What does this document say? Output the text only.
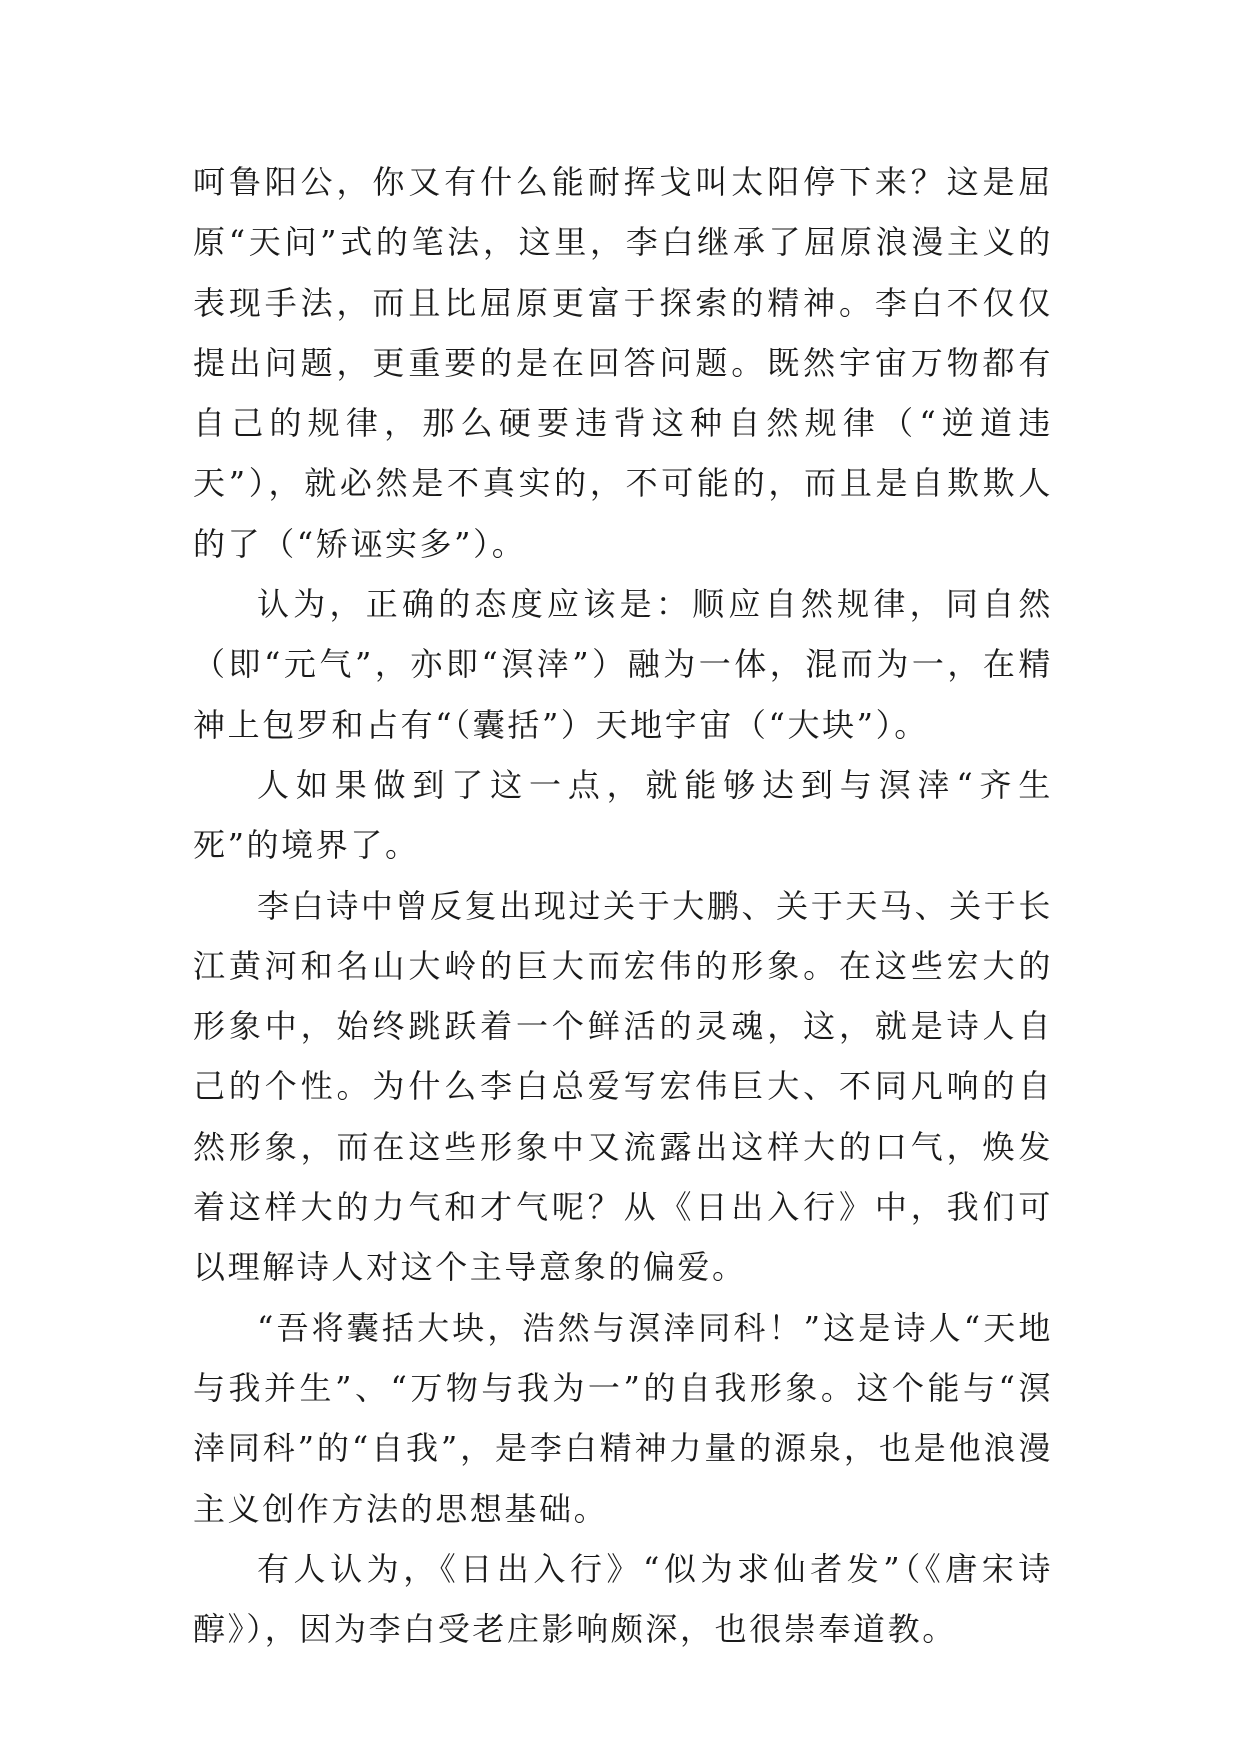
呵鲁阳公，你又有什么能耐挥戈叫太阳停下来？这是屈原“天问”式的笔法，这里，李白继承了屈原浪漫主义的表现手法，而且比屈原更富于探索的精神。李白不仅仅提出问题，更重要的是在回答问题。既然宇宙万物都有自己的规律，那么硬要违背这种自然规律（“逆道违天”），就必然是不真实的，不可能的，而且是自欺欺人的了（“矫诬实多”）。

认为，正确的态度应该是：顺应自然规律，同自然（即“元气”，亦即“溟涬”）融为一体，混而为一，在精神上包罗和占有“（囊括”）天地宇宙（“大块”）。

人如果做到了这一点，就能够达到与溟涬“齐生死”的境界了。

李白诗中曾反复出现过关于大鹏、关于天马、关于长江黄河和名山大岭的巨大而宏伟的形象。在这些宏大的形象中，始终跳跃着一个鲜活的灵魂，这，就是诗人自己的个性。为什么李白总爱写宏伟巨大、不同凡响的自然形象，而在这些形象中又流露出这样大的口气，焕发着这样大的力气和才气呢？从《日出入行》中，我们可以理解诗人对这个主导意象的偏爱。

“吾将囊括大块，浩然与溟涬同科！”这是诗人“天地与我并生”、“万物与我为一”的自我形象。这个能与“溟涬同科”的“自我”，是李白精神力量的源泉，也是他浪漫主义创作方法的思想基础。

有人认为，《日出入行》“似为求仙者发”（《唐宋诗醇》），因为李白受老庄影响颇深，也很崇奉道教。
